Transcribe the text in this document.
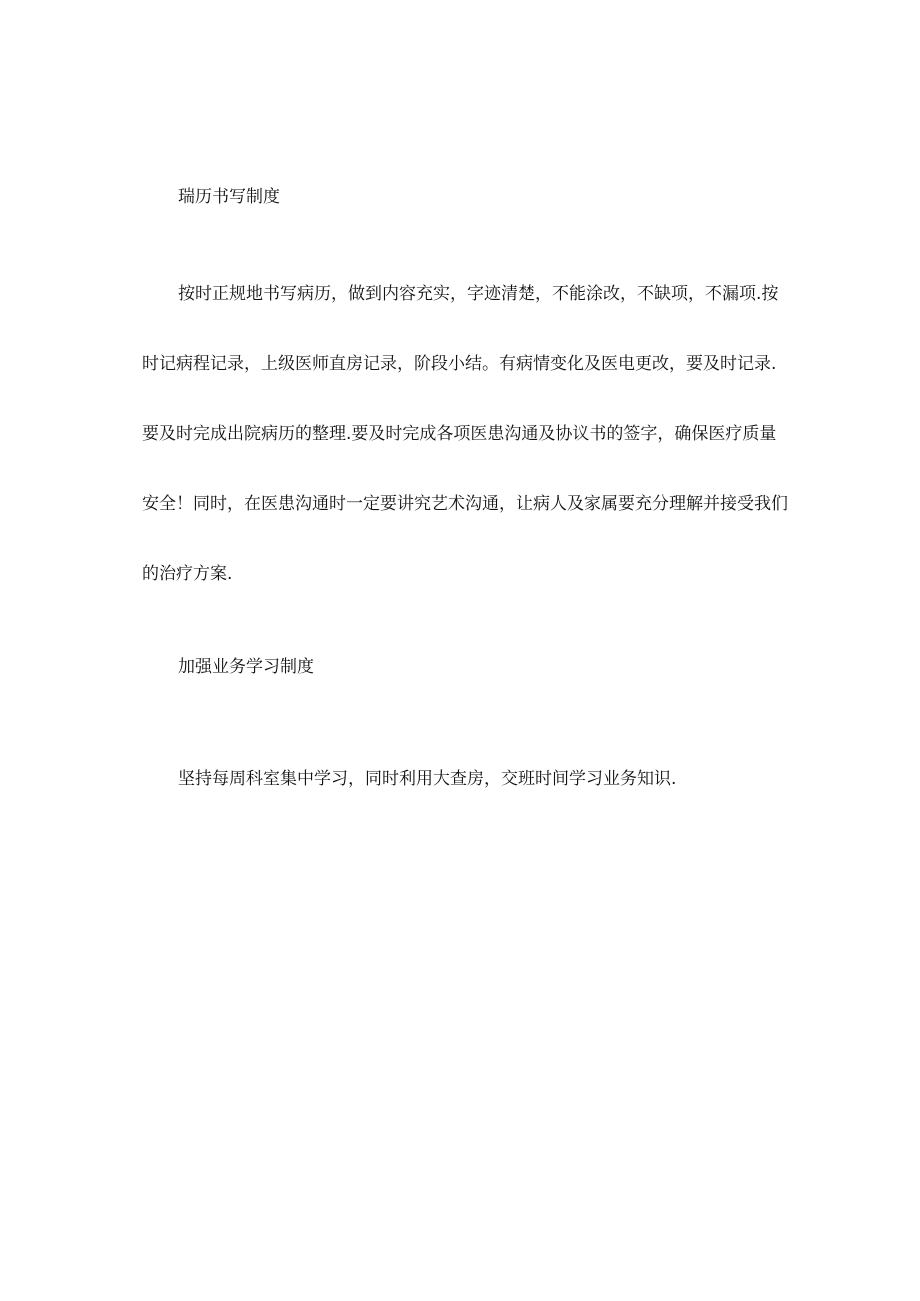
瑞历书写制度
按时正规地书写病历，做到内容充实，字迹清楚，不能涂改，不缺项，不漏项.按
时记病程记录，上级医师直房记录，阶段小结。有病情变化及医电更改，要及时记录.
要及时完成出院病历的整理.要及时完成各项医患沟通及协议书的签字，确保医疗质量
安全！同时，在医患沟通时一定要讲究艺术沟通，让病人及家属要充分理解并接受我们
的治疗方案.
加强业务学习制度
坚持每周科室集中学习，同时利用大查房，交班时间学习业务知识.
